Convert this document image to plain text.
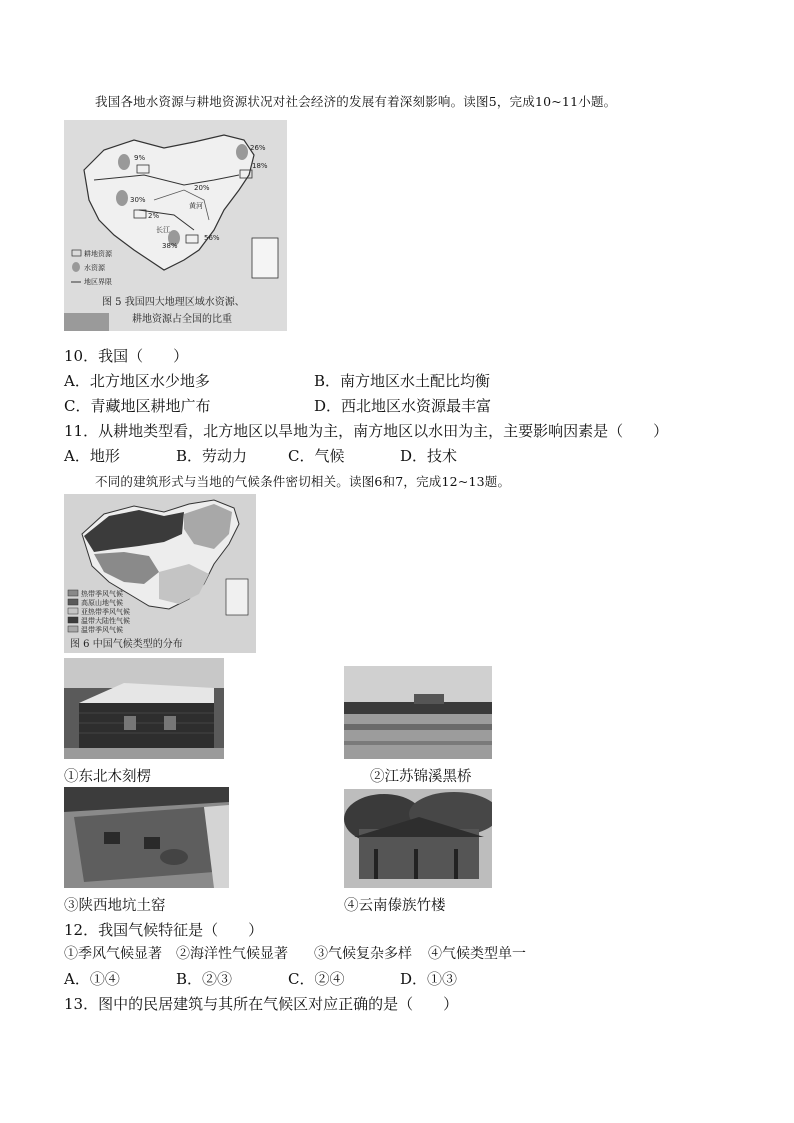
我国各地水资源与耕地资源状况对社会经济的发展有着深刻影响。读图5，完成10~11小题。
9%
26%
18%
30%
2%
20%
黄河
长江
38%
56%
耕地资源
水资源
地区界限
图 5 我国四大地理区域水资源、
耕地资源占全国的比重
10．我国（　　）
A．北方地区水少地多	B．南方地区水土配比均衡
C．青藏地区耕地广布	D．西北地区水资源最丰富
11．从耕地类型看，北方地区以旱地为主，南方地区以水田为主，主要影响因素是（　　）
A．地形	B．劳动力	C．气候	D．技术
不同的建筑形式与当地的气候条件密切相关。读图6和7，完成12~13题。
热带季风气候
高原山地气候
亚热带季风气候
温带大陆性气候
温带季风气候
图 6 中国气候类型的分布
①东北木刻楞	②江苏锦溪黑桥
③陕西地坑土窑	④云南傣族竹楼
12．我国气候特征是（　　）
①季风气候显著 ②海洋性气候显著 ③气候复杂多样 ④气候类型单一
A．①④	B．②③	C．②④	D．①③
13．图中的民居建筑与其所在气候区对应正确的是（　　）
